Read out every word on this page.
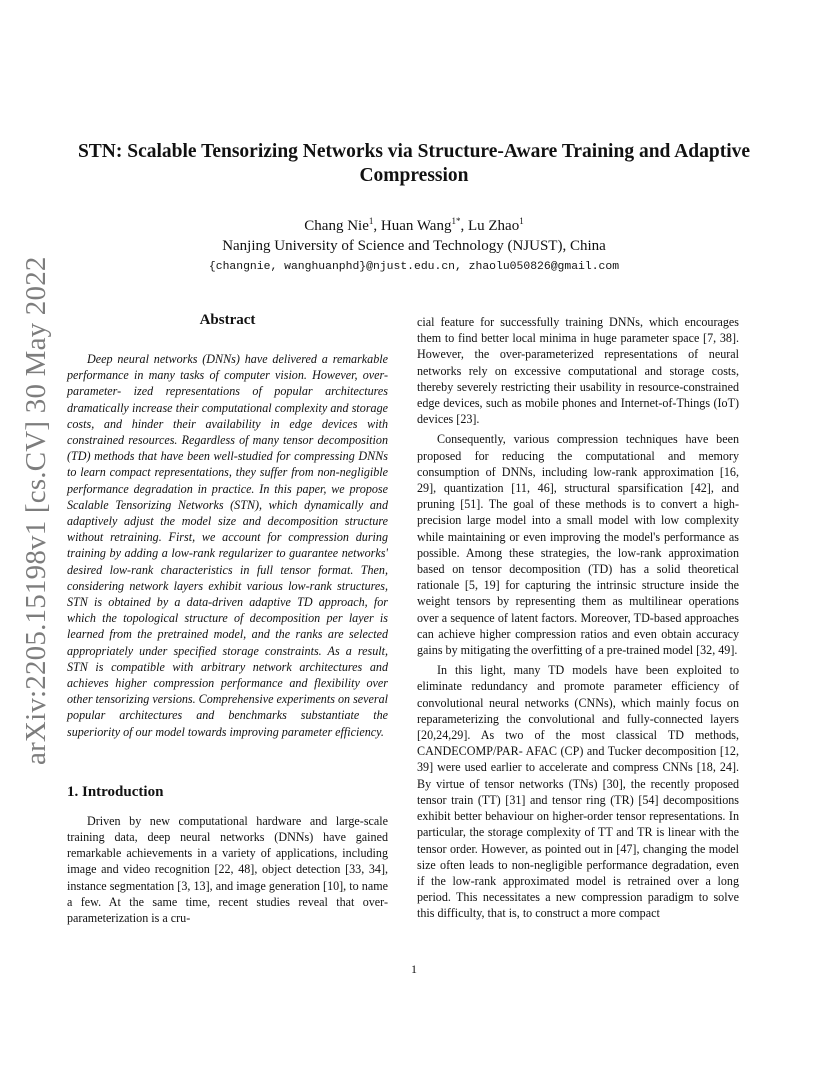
arXiv:2205.15198v1 [cs.CV] 30 May 2022
STN: Scalable Tensorizing Networks via Structure-Aware Training and Adaptive Compression
Chang Nie$^1$, Huan Wang$^{1*}$, Lu Zhao$^1$
Nanjing University of Science and Technology (NJUST), China
{changnie, wanghuanphd}@njust.edu.cn, zhaolu050826@gmail.com
Abstract

Deep neural networks (DNNs) have delivered a remarkable performance in many tasks of computer vision. However, over-parameter- ized representations of popular architectures dramatically increase their computational complexity and storage costs, and hinder their availability in edge devices with constrained resources. Regardless of many tensor decomposition (TD) methods that have been well-studied for compressing DNNs to learn compact representations, they suffer from non-negligible performance degradation in practice. In this paper, we propose Scalable Tensorizing Networks (STN), which dynamically and adaptively adjust the model size and decomposition structure without retraining. First, we account for compression during training by adding a low-rank regularizer to guarantee networks' desired low-rank characteristics in full tensor format. Then, considering network layers exhibit various low-rank structures, STN is obtained by a data-driven adaptive TD approach, for which the topological structure of decomposition per layer is learned from the pretrained model, and the ranks are selected appropriately under specified storage constraints. As a result, STN is compatible with arbitrary network architectures and achieves higher compression performance and flexibility over other tensorizing versions. Comprehensive experiments on several popular architectures and benchmarks substantiate the superiority of our model towards improving parameter efficiency.

1. Introduction

Driven by new computational hardware and large-scale training data, deep neural networks (DNNs) have gained remarkable achievements in a variety of applications, including image and video recognition [22, 48], object detection [33, 34], instance segmentation [3, 13], and image generation [10], to name a few. At the same time, recent studies reveal that over-parameterization is a cru-

cial feature for successfully training DNNs, which encourages them to find better local minima in huge parameter space [7, 38]. However, the over-parameterized representations of neural networks rely on excessive computational and storage costs, thereby severely restricting their usability in resource-constrained edge devices, such as mobile phones and Internet-of-Things (IoT) devices [23].

Consequently, various compression techniques have been proposed for reducing the computational and memory consumption of DNNs, including low-rank approximation [16, 29], quantization [11, 46], structural sparsification [42], and pruning [51]. The goal of these methods is to convert a high-precision large model into a small model with low complexity while maintaining or even improving the model's performance as possible. Among these strategies, the low-rank approximation based on tensor decomposition (TD) has a solid theoretical rationale [5, 19] for capturing the intrinsic structure inside the weight tensors by representing them as multilinear operations over a sequence of latent factors. Moreover, TD-based approaches can achieve higher compression ratios and even obtain accuracy gains by mitigating the overfitting of a pre-trained model [32, 49].

In this light, many TD models have been exploited to eliminate redundancy and promote parameter efficiency of convolutional neural networks (CNNs), which mainly focus on reparameterizing the convolutional and fully-connected layers [20,24,29]. As two of the most classical TD methods, CANDECOMP/PAR- AFAC (CP) and Tucker decomposition [12, 39] were used earlier to accelerate and compress CNNs [18, 24]. By virtue of tensor networks (TNs) [30], the recently proposed tensor train (TT) [31] and tensor ring (TR) [54] decompositions exhibit better behaviour on higher-order tensor representations. In particular, the storage complexity of TT and TR is linear with the tensor order. However, as pointed out in [47], changing the model size often leads to non-negligible performance degradation, even if the low-rank approximated model is retrained over a long period. This necessitates a new compression paradigm to solve this difficulty, that is, to construct a more compact

1
